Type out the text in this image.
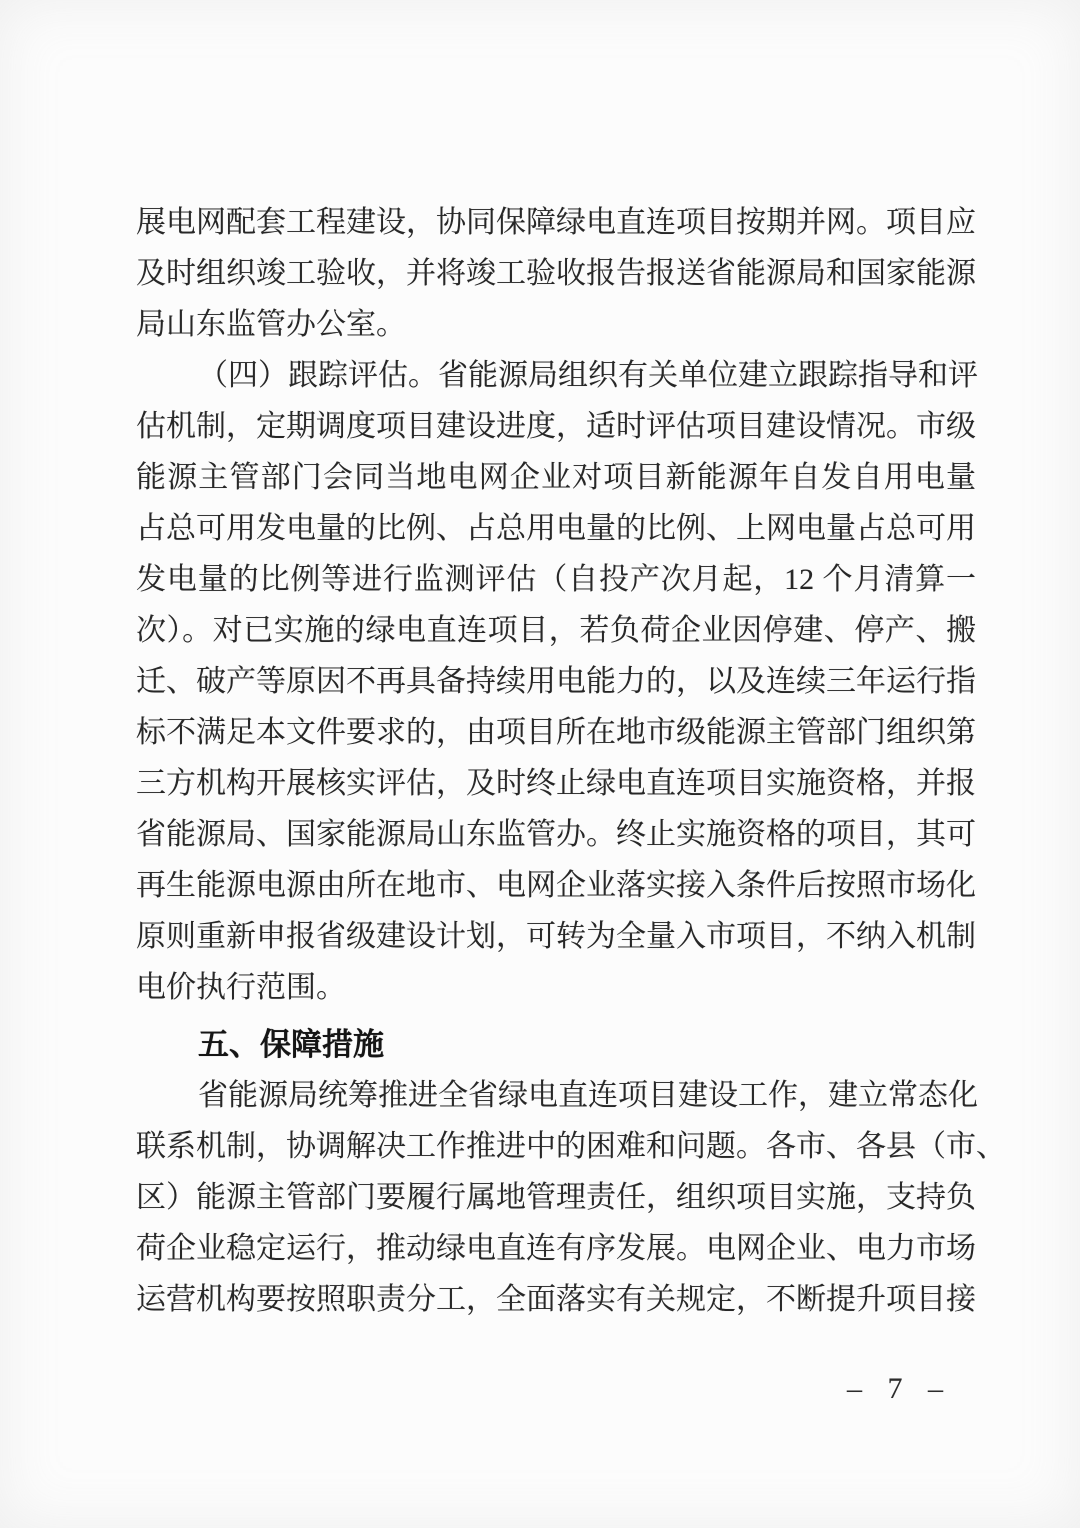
展电网配套工程建设，协同保障绿电直连项目按期并网。项目应
及时组织竣工验收，并将竣工验收报告报送省能源局和国家能源
局山东监管办公室。
（四）跟踪评估。省能源局组织有关单位建立跟踪指导和评
估机制，定期调度项目建设进度，适时评估项目建设情况。市级
能源主管部门会同当地电网企业对项目新能源年自发自用电量
占总可用发电量的比例、占总用电量的比例、上网电量占总可用
发电量的比例等进行监测评估（自投产次月起，12 个月清算一
次）。对已实施的绿电直连项目，若负荷企业因停建、停产、搬
迁、破产等原因不再具备持续用电能力的，以及连续三年运行指
标不满足本文件要求的，由项目所在地市级能源主管部门组织第
三方机构开展核实评估，及时终止绿电直连项目实施资格，并报
省能源局、国家能源局山东监管办。终止实施资格的项目，其可
再生能源电源由所在地市、电网企业落实接入条件后按照市场化
原则重新申报省级建设计划，可转为全量入市项目，不纳入机制
电价执行范围。
五、保障措施
省能源局统筹推进全省绿电直连项目建设工作，建立常态化
联系机制，协调解决工作推进中的困难和问题。各市、各县（市、
区）能源主管部门要履行属地管理责任，组织项目实施，支持负
荷企业稳定运行，推动绿电直连有序发展。电网企业、电力市场
运营机构要按照职责分工，全面落实有关规定，不断提升项目接
– 7 –
